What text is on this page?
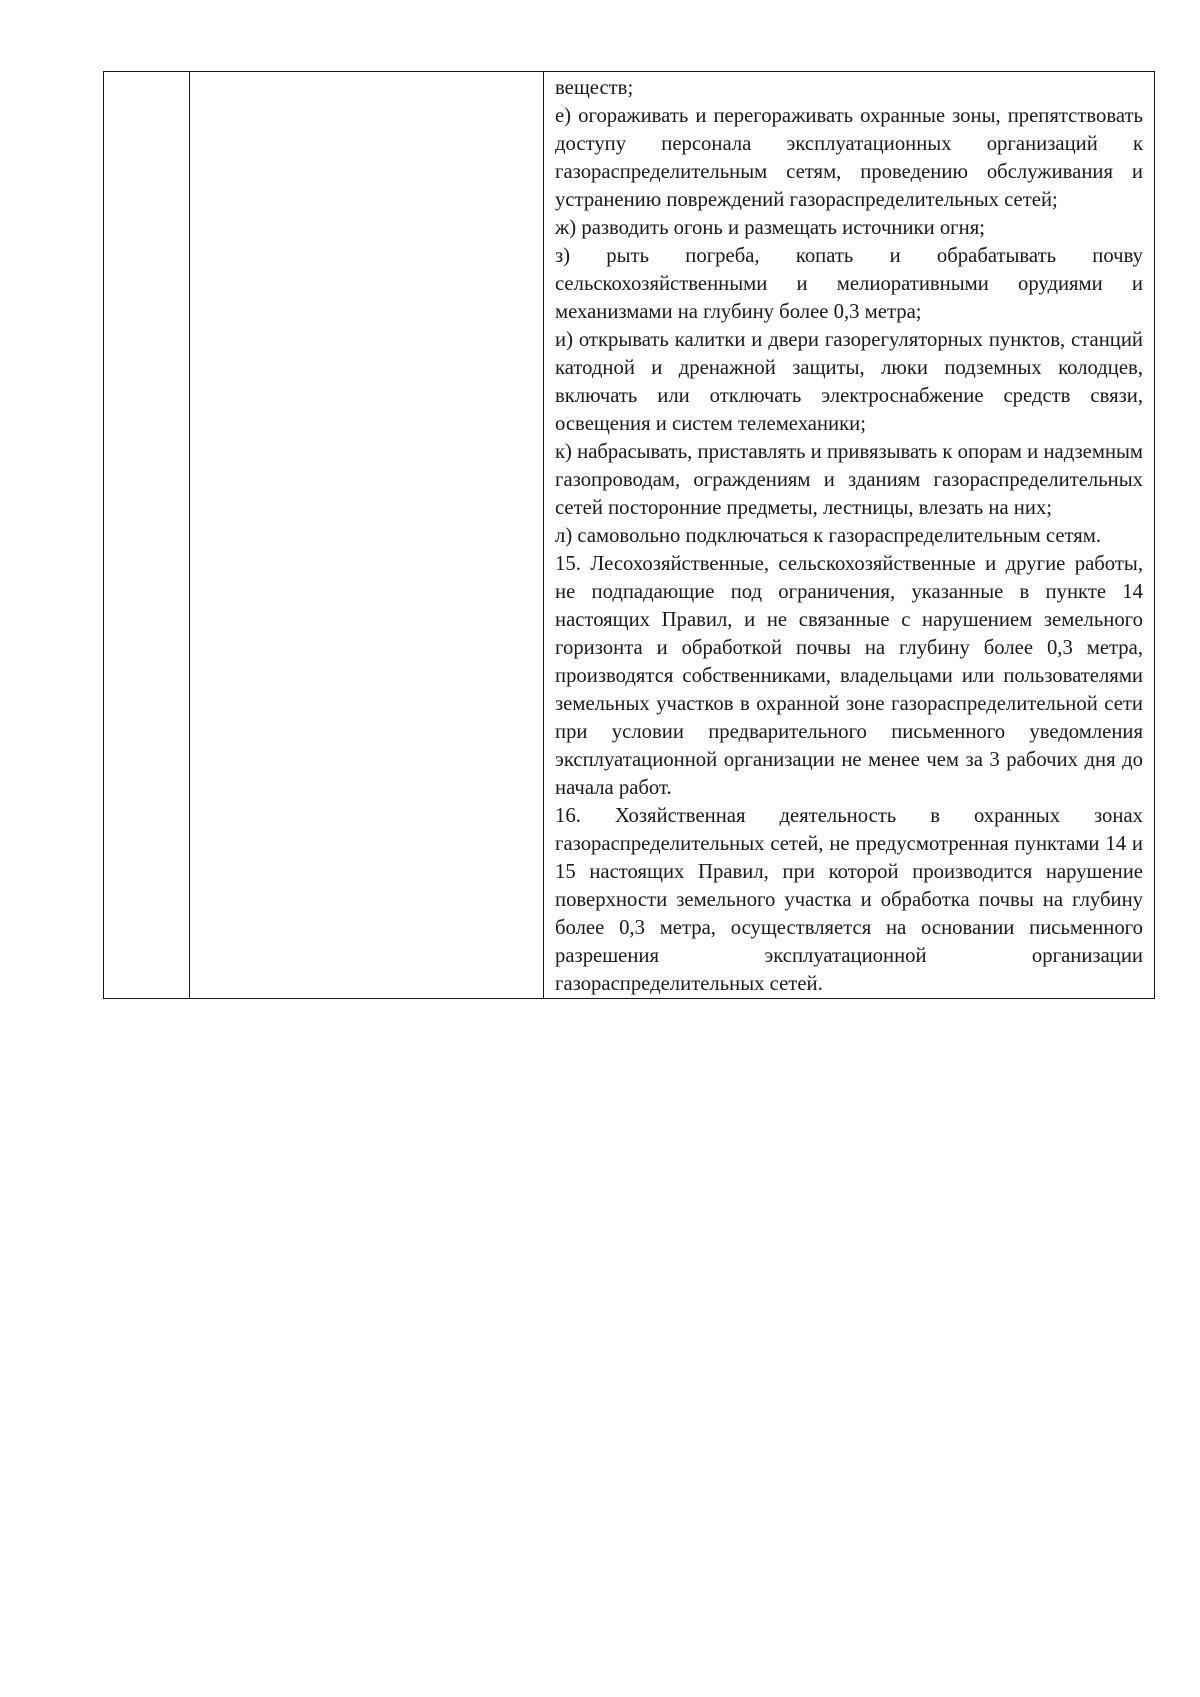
веществ;

е) огораживать и перегораживать охранные зоны, препятствовать доступу персонала эксплуатационных организаций к газораспределительным сетям, проведению обслуживания и устранению повреждений газораспределительных сетей;

ж) разводить огонь и размещать источники огня;

з) рыть погреба, копать и обрабатывать почву сельскохозяйственными и мелиоративными орудиями и механизмами на глубину более 0,3 метра;

и) открывать калитки и двери газорегуляторных пунктов, станций катодной и дренажной защиты, люки подземных колодцев, включать или отключать электроснабжение средств связи, освещения и систем телемеханики;

к) набрасывать, приставлять и привязывать к опорам и надземным газопроводам, ограждениям и зданиям газораспределительных сетей посторонние предметы, лестницы, влезать на них;

л) самовольно подключаться к газораспределительным сетям.

15. Лесохозяйственные, сельскохозяйственные и другие работы, не подпадающие под ограничения, указанные в пункте 14 настоящих Правил, и не связанные с нарушением земельного горизонта и обработкой почвы на глубину более 0,3 метра, производятся собственниками, владельцами или пользователями земельных участков в охранной зоне газораспределительной сети при условии предварительного письменного уведомления эксплуатационной организации не менее чем за 3 рабочих дня до начала работ.

16. Хозяйственная деятельность в охранных зонах газораспределительных сетей, не предусмотренная пунктами 14 и 15 настоящих Правил, при которой производится нарушение поверхности земельного участка и обработка почвы на глубину более 0,3 метра, осуществляется на основании письменного разрешения эксплуатационной организации газораспределительных сетей.
